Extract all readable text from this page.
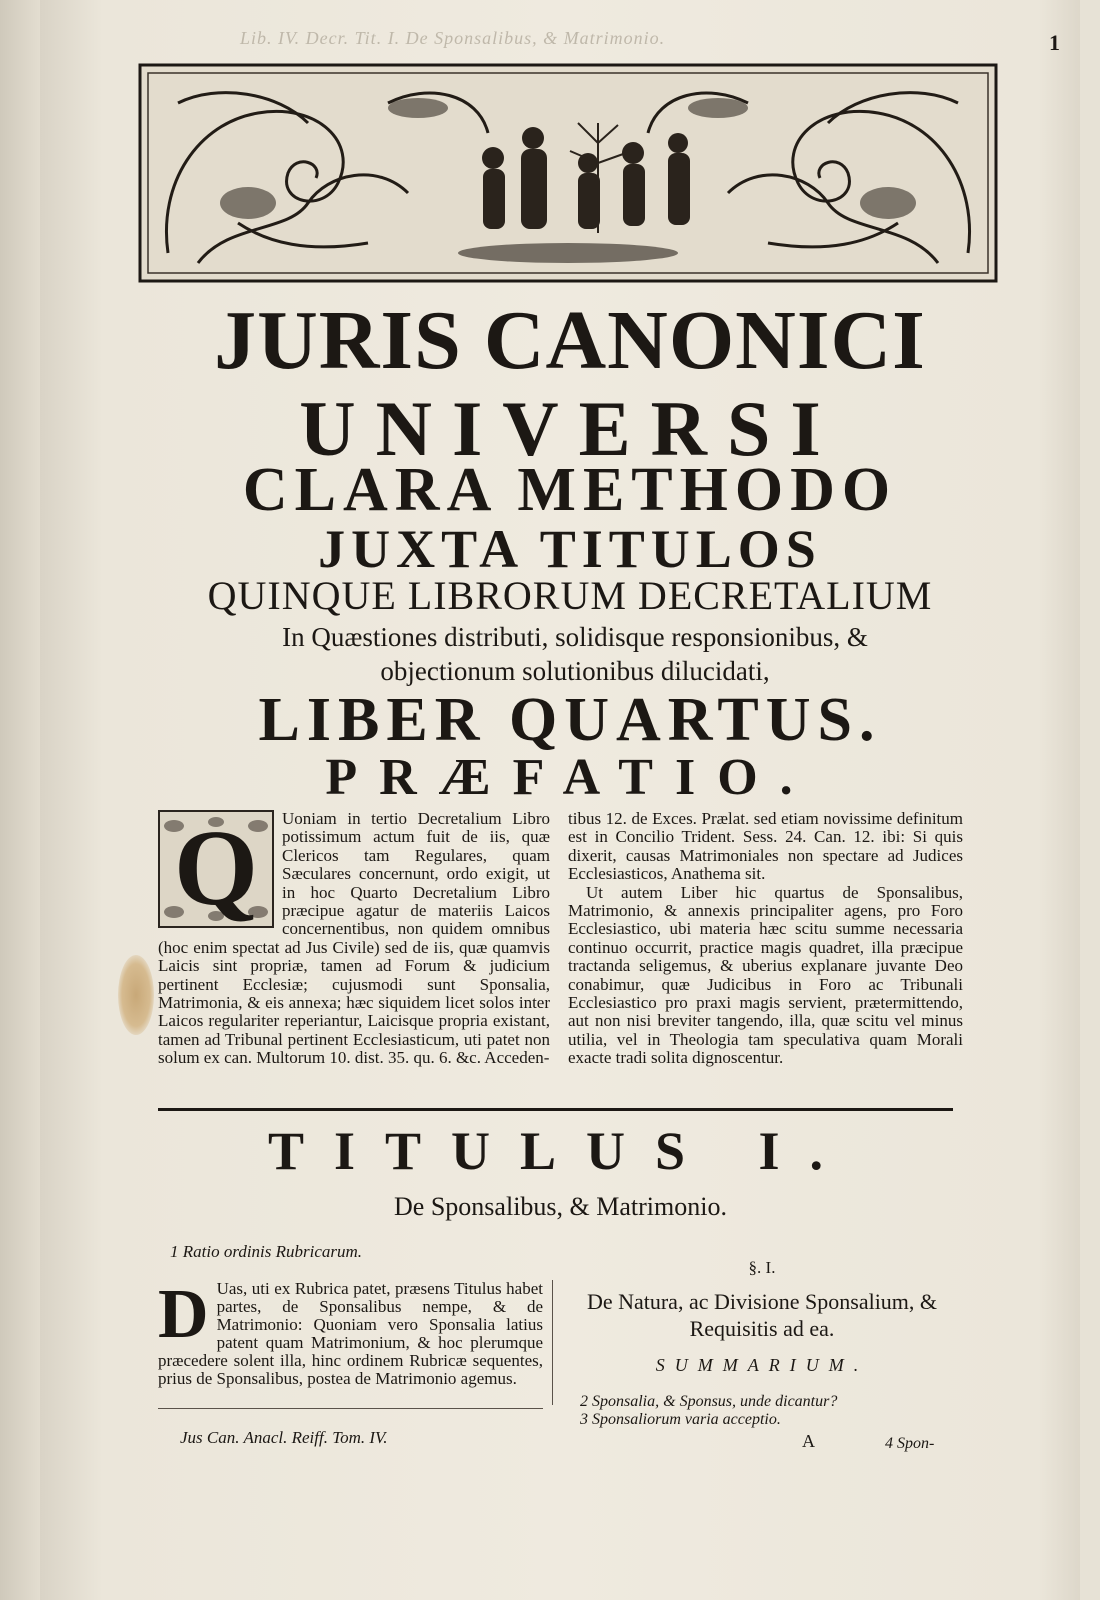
Lib. IV. Decr. Tit. I. De Sponsalibus, & Matrimonio.	1
JURIS CANONICI
UNIVERSI
CLARA METHODO
JUXTA TITULOS
QUINQUE LIBRORUM DECRETALIUM
In Quæstiones distributi, solidisque responsionibus, & objectionum solutionibus dilucidati,
LIBER QUARTUS.
PRÆFATIO.
Q	Uoniam in tertio Decretalium Libro potissimum actum fuit de iis, quæ Clericos tam Regulares, quam Sæculares concernunt, ordo exigit, ut in hoc Quarto Decretalium Libro præcipue agatur de materiis Laicos concernentibus, non quidem omnibus (hoc enim spectat ad Jus Civile) sed de iis, quæ quamvis Laicis sint propriæ, tamen ad Forum & judicium pertinent Ecclesiæ; cujusmodi sunt Sponsalia, Matrimonia, & eis annexa; hæc siquidem licet solos inter Laicos regulariter reperiantur, Laicisque propria existant, tamen ad Tribunal pertinent Ecclesiasticum, uti patet non solum ex can. Multorum 10. dist. 35. qu. 6. &c. Acceden-

tibus 12. de Exces. Prælat. sed etiam novissime definitum est in Concilio Trident. Sess. 24. Can. 12. ibi: Si quis dixerit, causas Matrimoniales non spectare ad Judices Ecclesiasticos, Anathema sit.

Ut autem Liber hic quartus de Sponsalibus, Matrimonio, & annexis principaliter agens, pro Foro Ecclesiastico, ubi materia hæc scitu summe necessaria continuo occurrit, practice magis quadret, illa præcipue tractanda seligemus, & uberius explanare juvante Deo conabimur, quæ Judicibus in Foro ac Tribunali Ecclesiastico pro praxi magis servient, prætermittendo, aut non nisi breviter tangendo, illa, quæ scitu vel minus utilia, vel in Theologia tam speculativa quam Morali exacte tradi solita dignoscentur.

TITULUS I.
De Sponsalibus, & Matrimonio.
1 Ratio ordinis Rubricarum.
D Uas, uti ex Rubrica patet, præsens Titulus habet partes, de Sponsalibus nempe, & de Matrimonio: Quoniam vero Sponsalia latius patent quam Matrimonium, & hoc plerumque præcedere solent illa, hinc ordinem Rubricæ sequentes, prius de Sponsalibus, postea de Matrimonio agemus.

§. I.
De Natura, ac Divisione Sponsalium, & Requisitis ad ea.
SUMMARIUM.
2 Sponsalia, & Sponsus, unde dicantur?
3 Sponsaliorum varia acceptio.
Jus Can. Anacl. Reiff. Tom. IV.	A	4 Spon-
